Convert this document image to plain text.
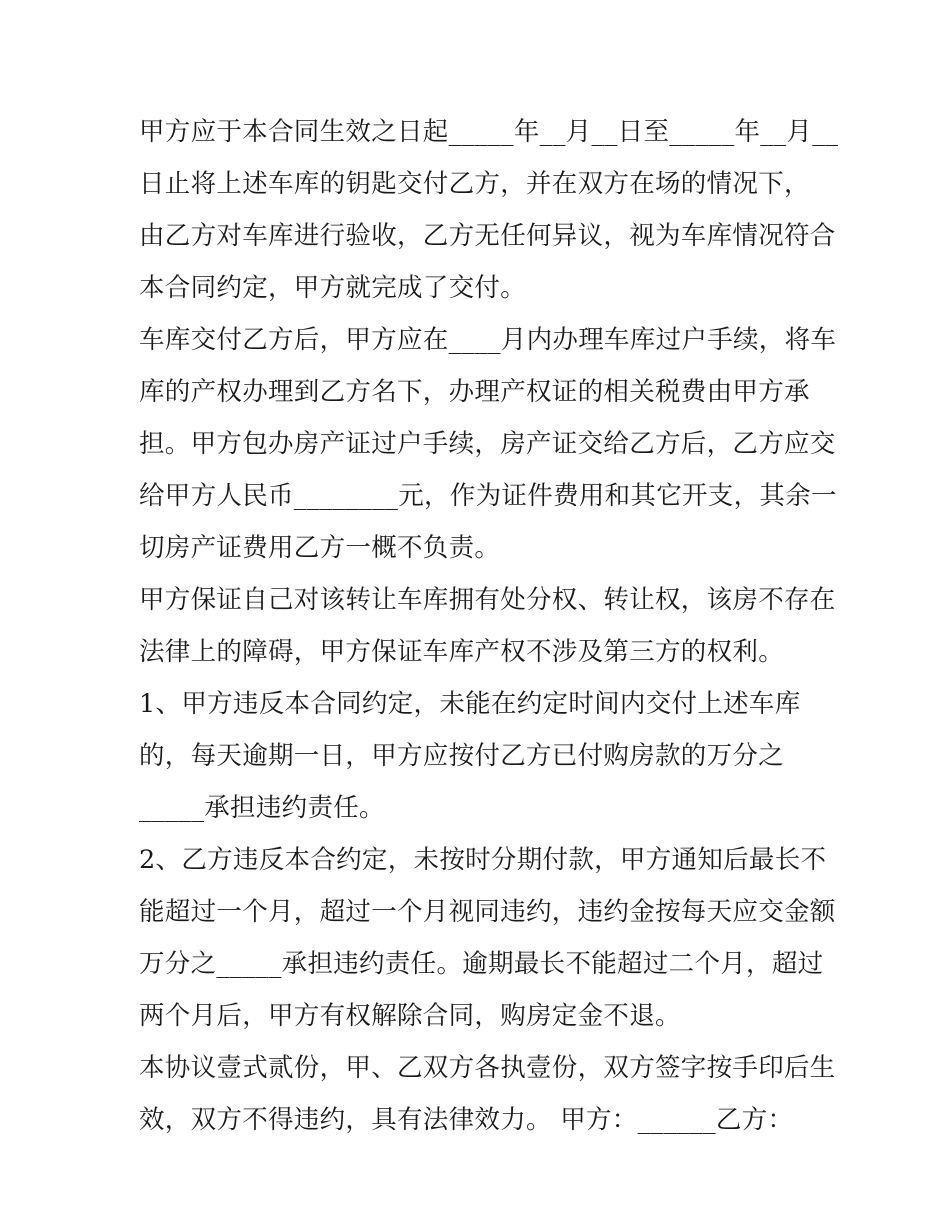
甲方应于本合同生效之日起_____年__月__日至_____年__月__
日止将上述车库的钥匙交付乙方，并在双方在场的情况下，
由乙方对车库进行验收，乙方无任何异议，视为车库情况符合
本合同约定，甲方就完成了交付。
车库交付乙方后，甲方应在____月内办理车库过户手续，将车
库的产权办理到乙方名下，办理产权证的相关税费由甲方承
担。甲方包办房产证过户手续，房产证交给乙方后，乙方应交
给甲方人民币________元，作为证件费用和其它开支，其余一
切房产证费用乙方一概不负责。
甲方保证自己对该转让车库拥有处分权、转让权，该房不存在
法律上的障碍，甲方保证车库产权不涉及第三方的权利。
1、甲方违反本合同约定，未能在约定时间内交付上述车库
的，每天逾期一日，甲方应按付乙方已付购房款的万分之
_____承担违约责任。
2、乙方违反本合约定，未按时分期付款，甲方通知后最长不
能超过一个月，超过一个月视同违约，违约金按每天应交金额
万分之_____承担违约责任。逾期最长不能超过二个月，超过
两个月后，甲方有权解除合同，购房定金不退。
本协议壹式贰份，甲、乙双方各执壹份，双方签字按手印后生
效，双方不得违约，具有法律效力。 甲方：______乙方：
